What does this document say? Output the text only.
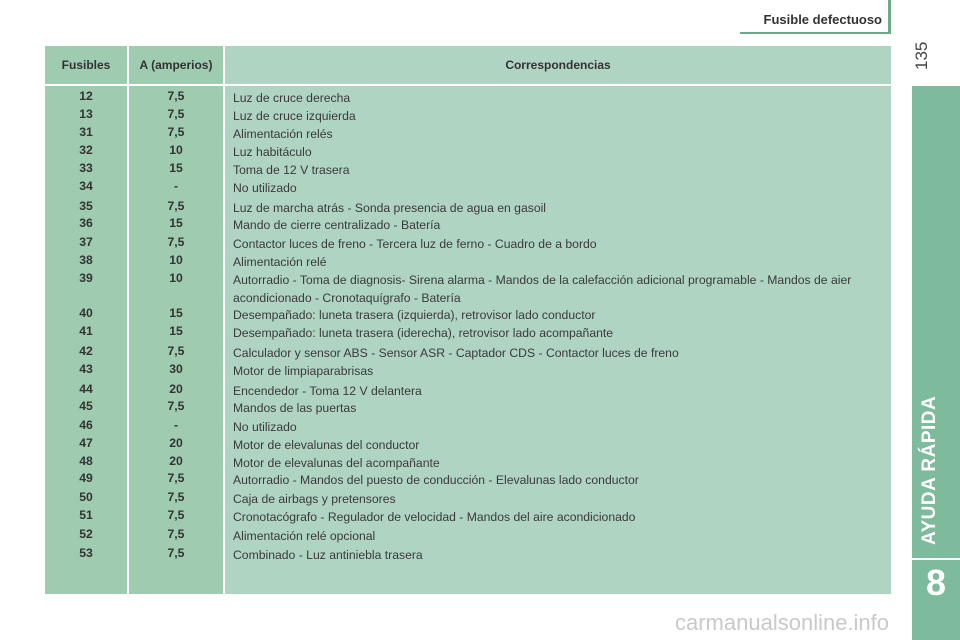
Fusible defectuoso
135
AYUDA RÁPIDA
8
Fusibles	A (amperios)	Correspondencias
12	7,5	Luz de cruce derecha
13	7,5	Luz de cruce izquierda
31	7,5	Alimentación relés
32	10	Luz habitáculo
33	15	Toma de 12 V trasera
34	-	No utilizado
35	7,5	Luz de marcha atrás - Sonda presencia de agua en gasoil
36	15	Mando de cierre centralizado - Batería
37	7,5	Contactor luces de freno - Tercera luz de ferno - Cuadro de a bordo
38	10	Alimentación relé
39	10	Autorradio - Toma de diagnosis- Sirena alarma - Mandos de la calefacción adicional programable - Mandos de aier acondicionado - Cronotaquígrafo - Batería
40	15	Desempañado: luneta trasera (izquierda), retrovisor lado conductor
41	15	Desempañado: luneta trasera (iderecha), retrovisor lado acompañante
42	7,5	Calculador y sensor ABS - Sensor ASR - Captador CDS - Contactor luces de freno
43	30	Motor de limpiaparabrisas
44	20	Encendedor - Toma 12 V delantera
45	7,5	Mandos de las puertas
46	-	No utilizado
47	20	Motor de elevalunas del conductor
48	20	Motor de elevalunas del acompañante
49	7,5	Autorradio - Mandos del puesto de conducción - Elevalunas lado conductor
50	7,5	Caja de airbags y pretensores
51	7,5	Cronotacógrafo - Regulador de velocidad - Mandos del aire acondicionado
52	7,5	Alimentación relé opcional
53	7,5	Combinado - Luz antiniebla trasera
carmanualsonline.info
